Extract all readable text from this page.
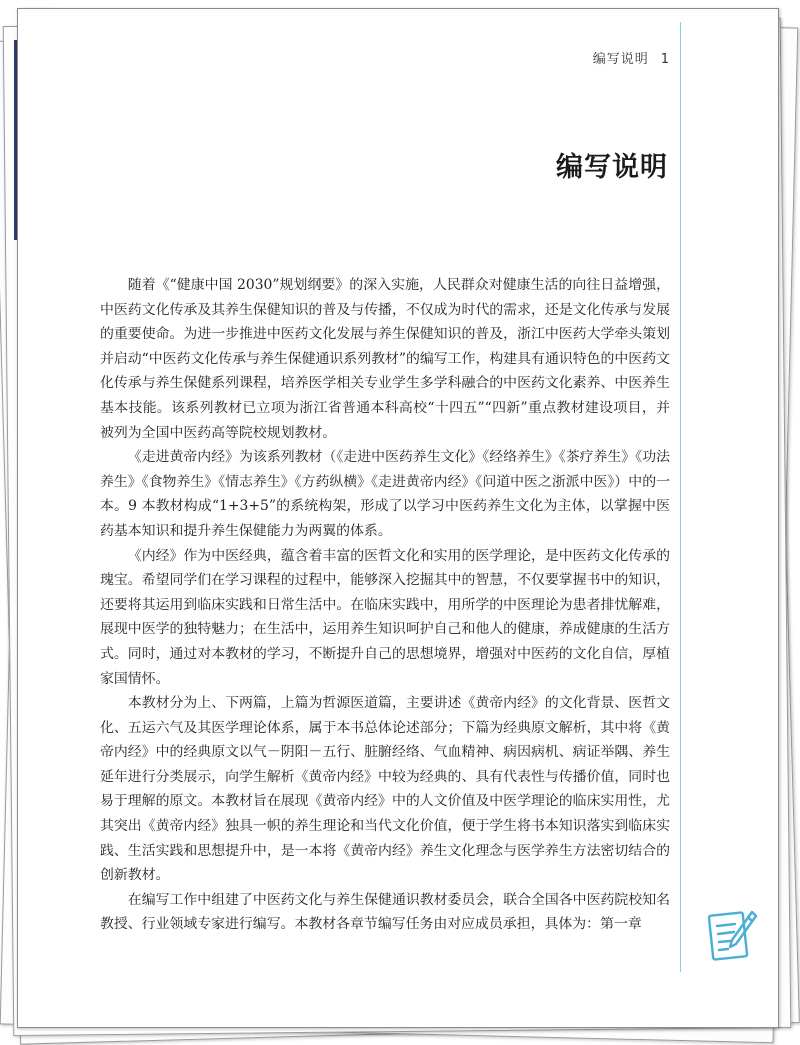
编写说明 1
编写说明

随着《“健康中国 2030”规划纲要》的深入实施，人民群众对健康生活的向往日益增强，中医药文化传承及其养生保健知识的普及与传播，不仅成为时代的需求，还是文化传承与发展的重要使命。为进一步推进中医药文化发展与养生保健知识的普及，浙江中医药大学牵头策划并启动“中医药文化传承与养生保健通识系列教材”的编写工作，构建具有通识特色的中医药文化传承与养生保健系列课程，培养医学相关专业学生多学科融合的中医药文化素养、中医养生基本技能。该系列教材已立项为浙江省普通本科高校“十四五”“四新”重点教材建设项目，并被列为全国中医药高等院校规划教材。

《走进黄帝内经》为该系列教材（《走进中医药养生文化》《经络养生》《茶疗养生》《功法养生》《食物养生》《情志养生》《方药纵横》《走进黄帝内经》《问道中医之浙派中医》）中的一本。9 本教材构成“1+3+5”的系统构架，形成了以学习中医药养生文化为主体，以掌握中医药基本知识和提升养生保健能力为两翼的体系。

《内经》作为中医经典，蕴含着丰富的医哲文化和实用的医学理论，是中医药文化传承的瑰宝。希望同学们在学习课程的过程中，能够深入挖掘其中的智慧，不仅要掌握书中的知识，还要将其运用到临床实践和日常生活中。在临床实践中，用所学的中医理论为患者排忧解难，展现中医学的独特魅力；在生活中，运用养生知识呵护自己和他人的健康，养成健康的生活方式。同时，通过对本教材的学习，不断提升自己的思想境界，增强对中医药的文化自信，厚植家国情怀。

本教材分为上、下两篇，上篇为哲源医道篇，主要讲述《黄帝内经》的文化背景、医哲文化、五运六气及其医学理论体系，属于本书总体论述部分；下篇为经典原文解析，其中将《黄帝内经》中的经典原文以气－阴阳－五行、脏腑经络、气血精神、病因病机、病证举隅、养生延年进行分类展示，向学生解析《黄帝内经》中较为经典的、具有代表性与传播价值，同时也易于理解的原文。本教材旨在展现《黄帝内经》中的人文价值及中医学理论的临床实用性，尤其突出《黄帝内经》独具一帜的养生理论和当代文化价值，便于学生将书本知识落实到临床实践、生活实践和思想提升中，是一本将《黄帝内经》养生文化理念与医学养生方法密切结合的创新教材。

在编写工作中组建了中医药文化与养生保健通识教材委员会，联合全国各中医药院校知名教授、行业领域专家进行编写。本教材各章节编写任务由对应成员承担，具体为：第一章
